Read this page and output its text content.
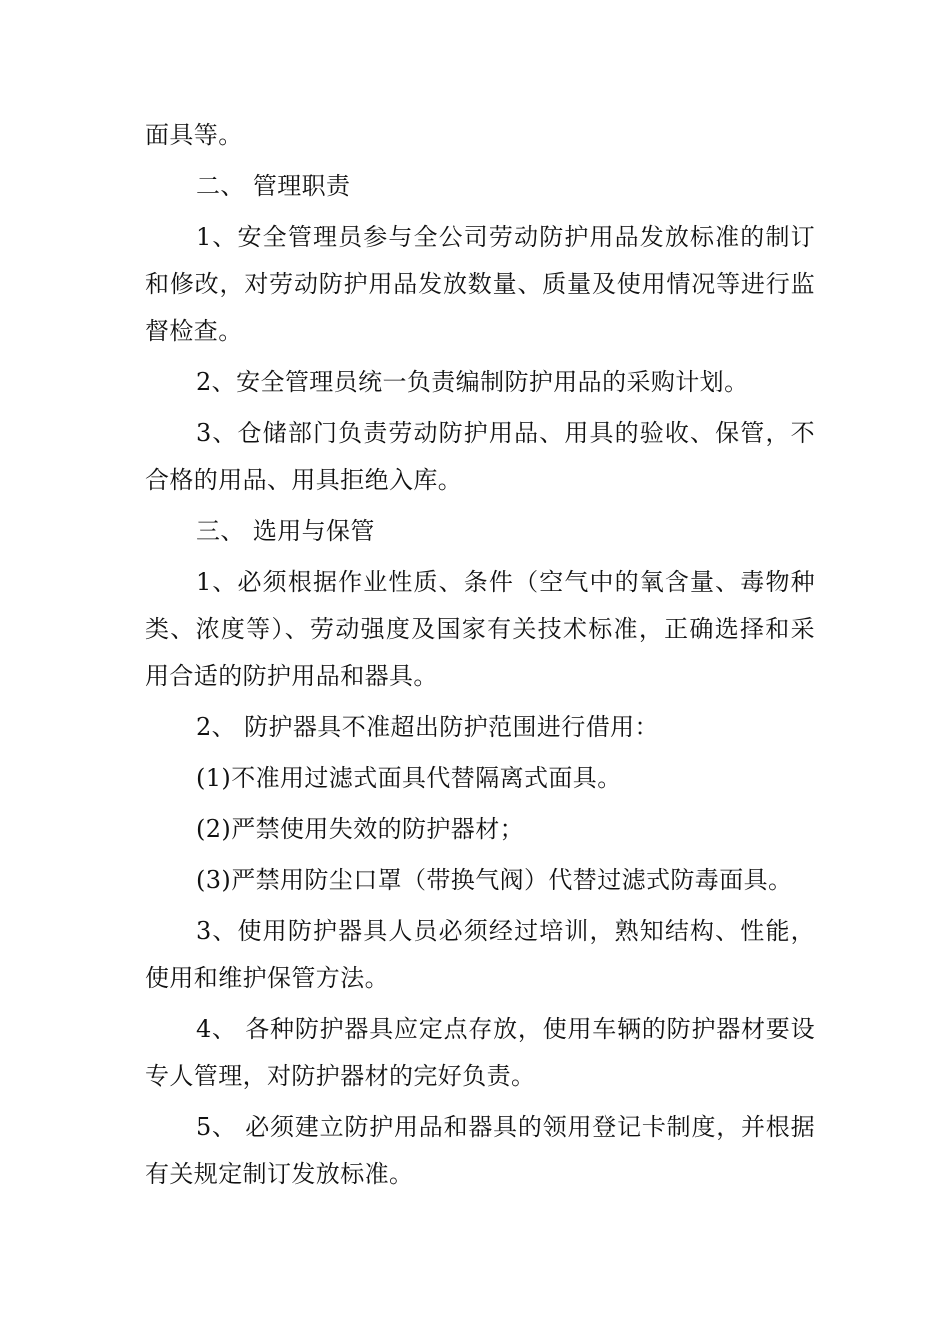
面具等。

二、 管理职责

1、安全管理员参与全公司劳动防护用品发放标准的制订和修改，对劳动防护用品发放数量、质量及使用情况等进行监督检查。

2、安全管理员统一负责编制防护用品的采购计划。

3、仓储部门负责劳动防护用品、用具的验收、保管，不合格的用品、用具拒绝入库。

三、 选用与保管

1、必须根据作业性质、条件（空气中的氧含量、毒物种类、浓度等）、劳动强度及国家有关技术标准，正确选择和采用合适的防护用品和器具。

2、 防护器具不准超出防护范围进行借用：

(1)不准用过滤式面具代替隔离式面具。

(2)严禁使用失效的防护器材；

(3)严禁用防尘口罩（带换气阀）代替过滤式防毒面具。

3、使用防护器具人员必须经过培训，熟知结构、性能，使用和维护保管方法。

4、 各种防护器具应定点存放，使用车辆的防护器材要设专人管理，对防护器材的完好负责。

5、 必须建立防护用品和器具的领用登记卡制度，并根据有关规定制订发放标准。
